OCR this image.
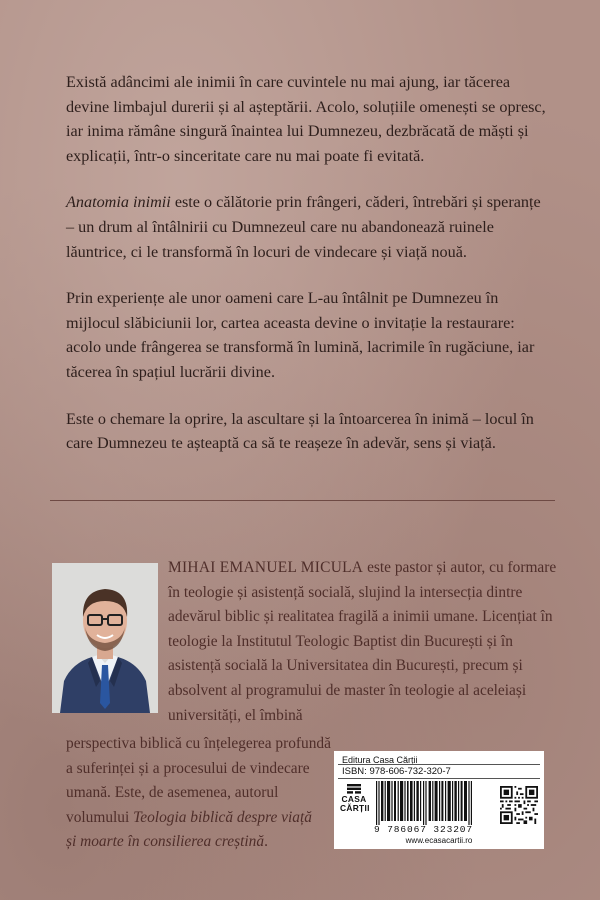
Există adâncimi ale inimii în care cuvintele nu mai ajung, iar tăcerea devine limbajul durerii și al așteptării. Acolo, soluțiile omenești se opresc, iar inima rămâne singură înaintea lui Dumnezeu, dezbrăcată de măști și explicații, într-o sinceritate care nu mai poate fi evitată.

Anatomia inimii este o călătorie prin frângeri, căderi, întrebări și speranțe – un drum al întâlnirii cu Dumnezeul care nu abandonează ruinele lăuntrice, ci le transformă în locuri de vindecare și viață nouă.

Prin experiențe ale unor oameni care L-au întâlnit pe Dumnezeu în mijlocul slăbiciunii lor, cartea aceasta devine o invitație la restaurare: acolo unde frângerea se transformă în lumină, lacrimile în rugăciune, iar tăcerea în spațiul lucrării divine.

Este o chemare la oprire, la ascultare și la întoarcerea în inimă – locul în care Dumnezeu te așteaptă ca să te reașeze în adevăr, sens și viață.

MIHAI EMANUEL MICULA este pastor și autor, cu formare în teologie și asistență socială, slujind la intersecția dintre adevărul biblic și realitatea fragilă a inimii umane. Licențiat în teologie la Institutul Teologic Baptist din București și în asistență socială la Universitatea din București, precum și absolvent al programului de master în teologie al aceleiași universități, el îmbină

perspectiva biblică cu înțelegerea profundă
a suferinței și a procesului de vindecare
umană. Este, de asemenea, autorul
volumului Teologia biblică despre viață și moarte în consilierea creștină.

Editura Casa Cărții
ISBN: 978-606-732-320-7
CASA
CĂRȚII
9 786067 323207
www.ecasacartii.ro
